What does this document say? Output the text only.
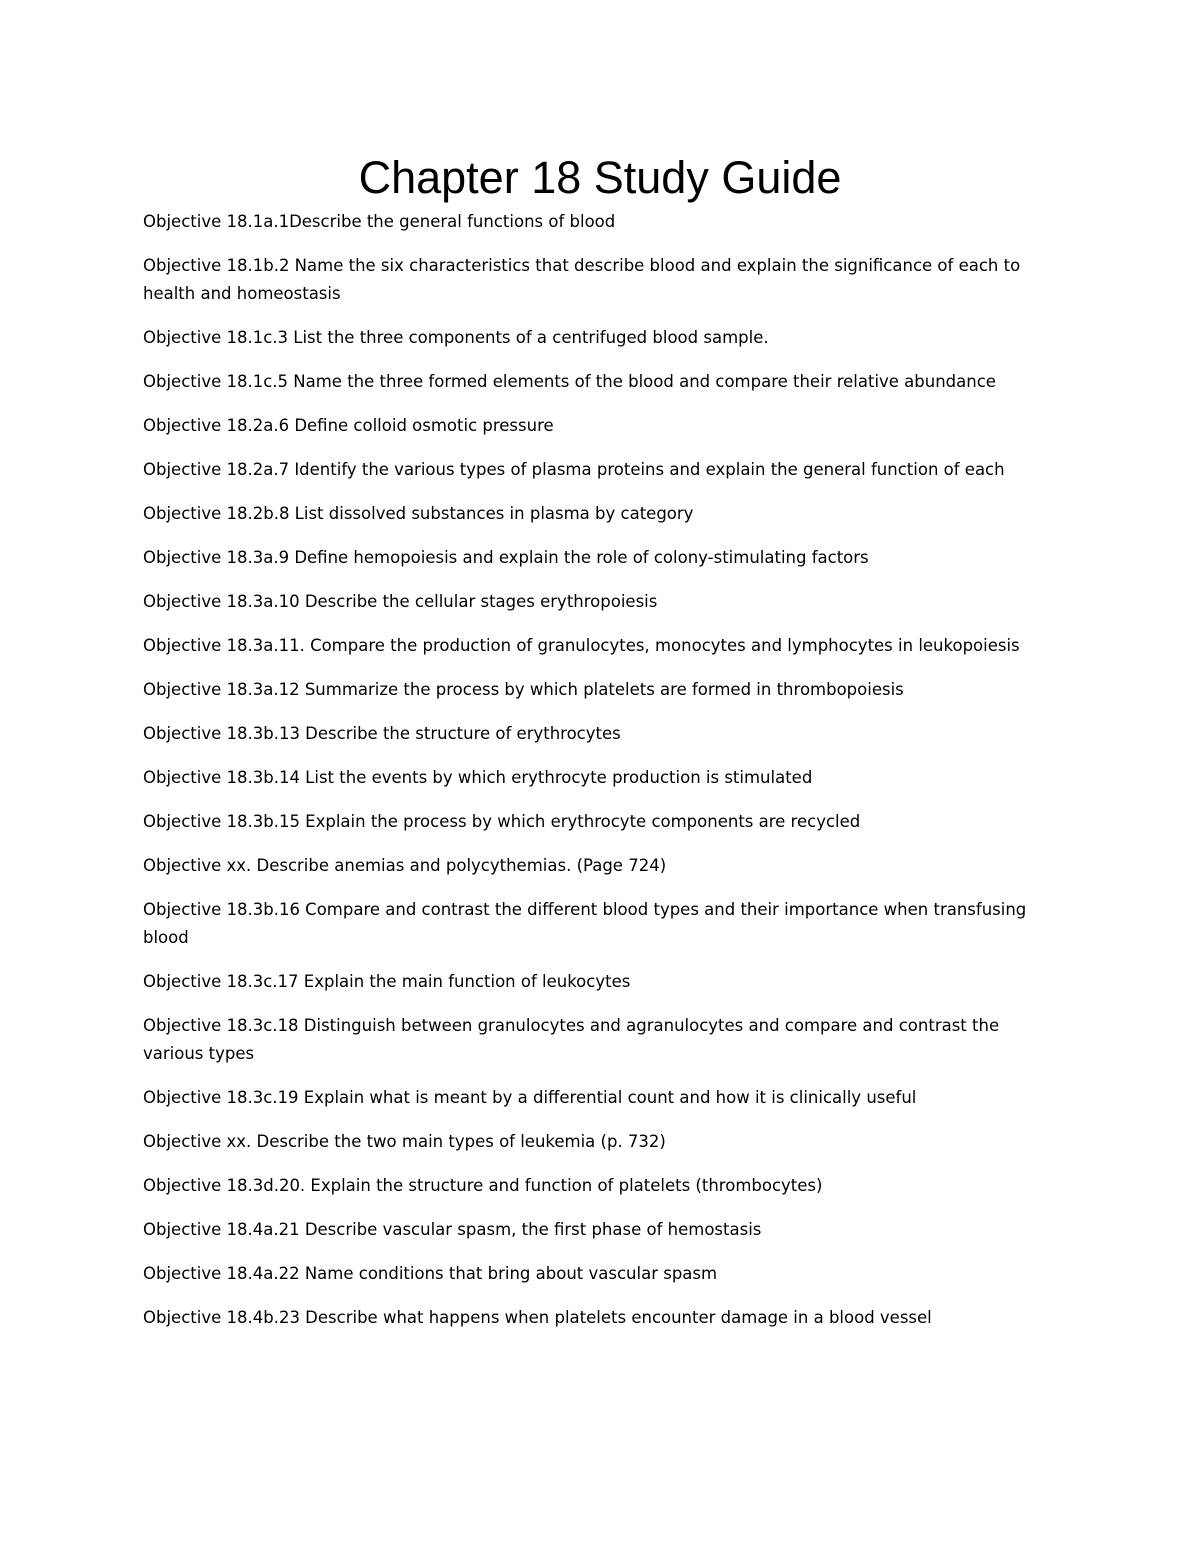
Chapter 18 Study Guide
Objective 18.1a.1Describe the general functions of blood
Objective 18.1b.2 Name the six characteristics that describe blood and explain the significance of each to health and homeostasis
Objective 18.1c.3 List the three components of a centrifuged blood sample.
Objective 18.1c.5 Name the three formed elements of the blood and compare their relative abundance
Objective 18.2a.6 Define colloid osmotic pressure
Objective 18.2a.7 Identify the various types of plasma proteins and explain the general function of each
Objective 18.2b.8 List dissolved substances in plasma by category
Objective 18.3a.9 Define hemopoiesis and explain the role of colony-stimulating factors
Objective 18.3a.10 Describe the cellular stages erythropoiesis
Objective 18.3a.11. Compare the production of granulocytes, monocytes and lymphocytes in leukopoiesis
Objective 18.3a.12 Summarize the process by which platelets are formed in thrombopoiesis
Objective 18.3b.13 Describe the structure of erythrocytes
Objective 18.3b.14 List the events by which erythrocyte production is stimulated
Objective 18.3b.15 Explain the process by which erythrocyte components are recycled
Objective xx. Describe anemias and polycythemias. (Page 724)
Objective 18.3b.16 Compare and contrast the different blood types and their importance when transfusing blood
Objective 18.3c.17 Explain the main function of leukocytes
Objective 18.3c.18 Distinguish between granulocytes and agranulocytes and compare and contrast the various types
Objective 18.3c.19 Explain what is meant by a differential count and how it is clinically useful
Objective xx. Describe the two main types of leukemia (p. 732)
Objective 18.3d.20. Explain the structure and function of platelets (thrombocytes)
Objective 18.4a.21 Describe vascular spasm, the first phase of hemostasis
Objective 18.4a.22 Name conditions that bring about vascular spasm
Objective 18.4b.23 Describe what happens when platelets encounter damage in a blood vessel
